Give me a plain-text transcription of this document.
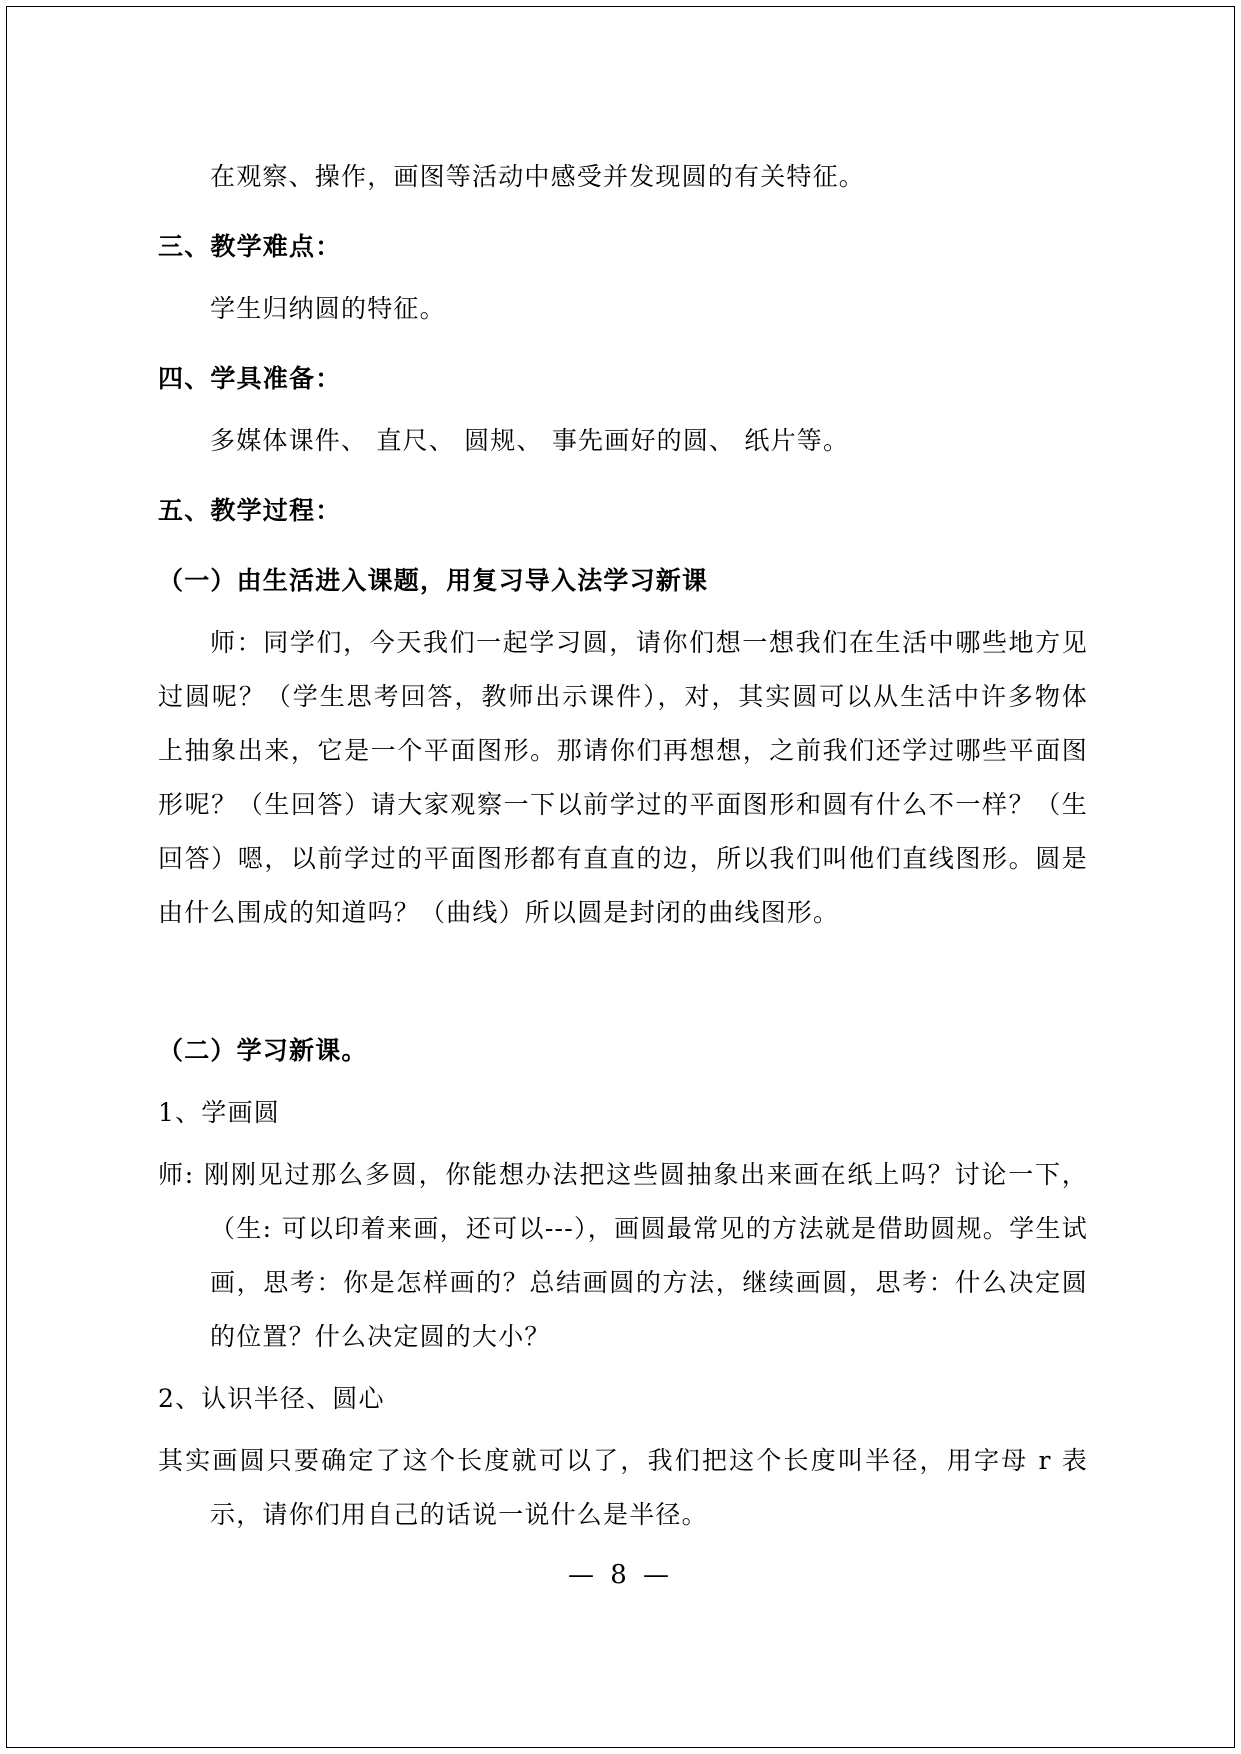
在观察、操作，画图等活动中感受并发现圆的有关特征。

三、教学难点：

学生归纳圆的特征。

四、学具准备：

多媒体课件、 直尺、 圆规、 事先画好的圆、 纸片等。

五、教学过程：

（一）由生活进入课题，用复习导入法学习新课

师：同学们，今天我们一起学习圆，请你们想一想我们在生活中哪些地方见过圆呢？（学生思考回答，教师出示课件），对，其实圆可以从生活中许多物体上抽象出来，它是一个平面图形。那请你们再想想，之前我们还学过哪些平面图形呢？（生回答）请大家观察一下以前学过的平面图形和圆有什么不一样？（生回答）嗯，以前学过的平面图形都有直直的边，所以我们叫他们直线图形。圆是由什么围成的知道吗？（曲线）所以圆是封闭的曲线图形。

（二）学习新课。

1、学画圆

师: 刚刚见过那么多圆，你能想办法把这些圆抽象出来画在纸上吗？讨论一下，（生: 可以印着来画，还可以---），画圆最常见的方法就是借助圆规。学生试画，思考：你是怎样画的？总结画圆的方法，继续画圆，思考：什么决定圆的位置？什么决定圆的大小？

2、认识半径、圆心

其实画圆只要确定了这个长度就可以了，我们把这个长度叫半径，用字母 r 表示，请你们用自己的话说一说什么是半径。

— 8 —
